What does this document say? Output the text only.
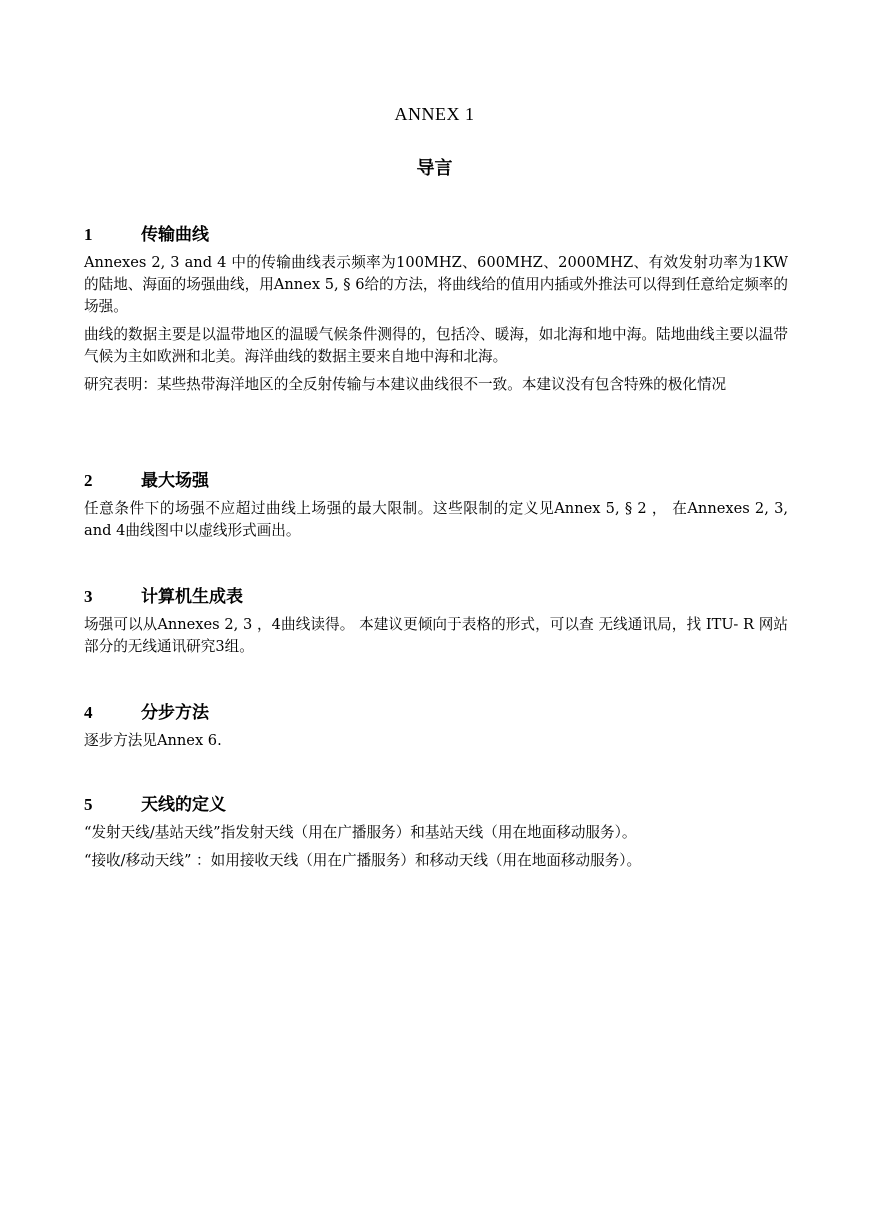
ANNEX 1
导言
1	传输曲线

Annexes 2, 3 and 4 中的传输曲线表示频率为100MHZ、600MHZ、2000MHZ、有效发射功率为1KW的陆地、海面的场强曲线，用Annex 5, § 6给的方法，将曲线给的值用内插或外推法可以得到任意给定频率的场强。

曲线的数据主要是以温带地区的温暖气候条件测得的，包括冷、暖海，如北海和地中海。陆地曲线主要以温带气候为主如欧洲和北美。海洋曲线的数据主要来自地中海和北海。

研究表明：某些热带海洋地区的全反射传输与本建议曲线很不一致。本建议没有包含特殊的极化情况

2	最大场强

任意条件下的场强不应超过曲线上场强的最大限制。这些限制的定义见Annex 5, § 2 ， 在Annexes 2, 3, and 4曲线图中以虚线形式画出。

3	计算机生成表

场强可以从Annexes 2, 3 ，4曲线读得。 本建议更倾向于表格的形式，可以查 无线通讯局，找 ITU- R 网站部分的无线通讯研究3组。

4	分步方法

逐步方法见Annex 6.

5	天线的定义

“发射天线/基站天线”指发射天线（用在广播服务）和基站天线（用在地面移动服务）。

“接收/移动天线” ：如用接收天线（用在广播服务）和移动天线（用在地面移动服务）。
